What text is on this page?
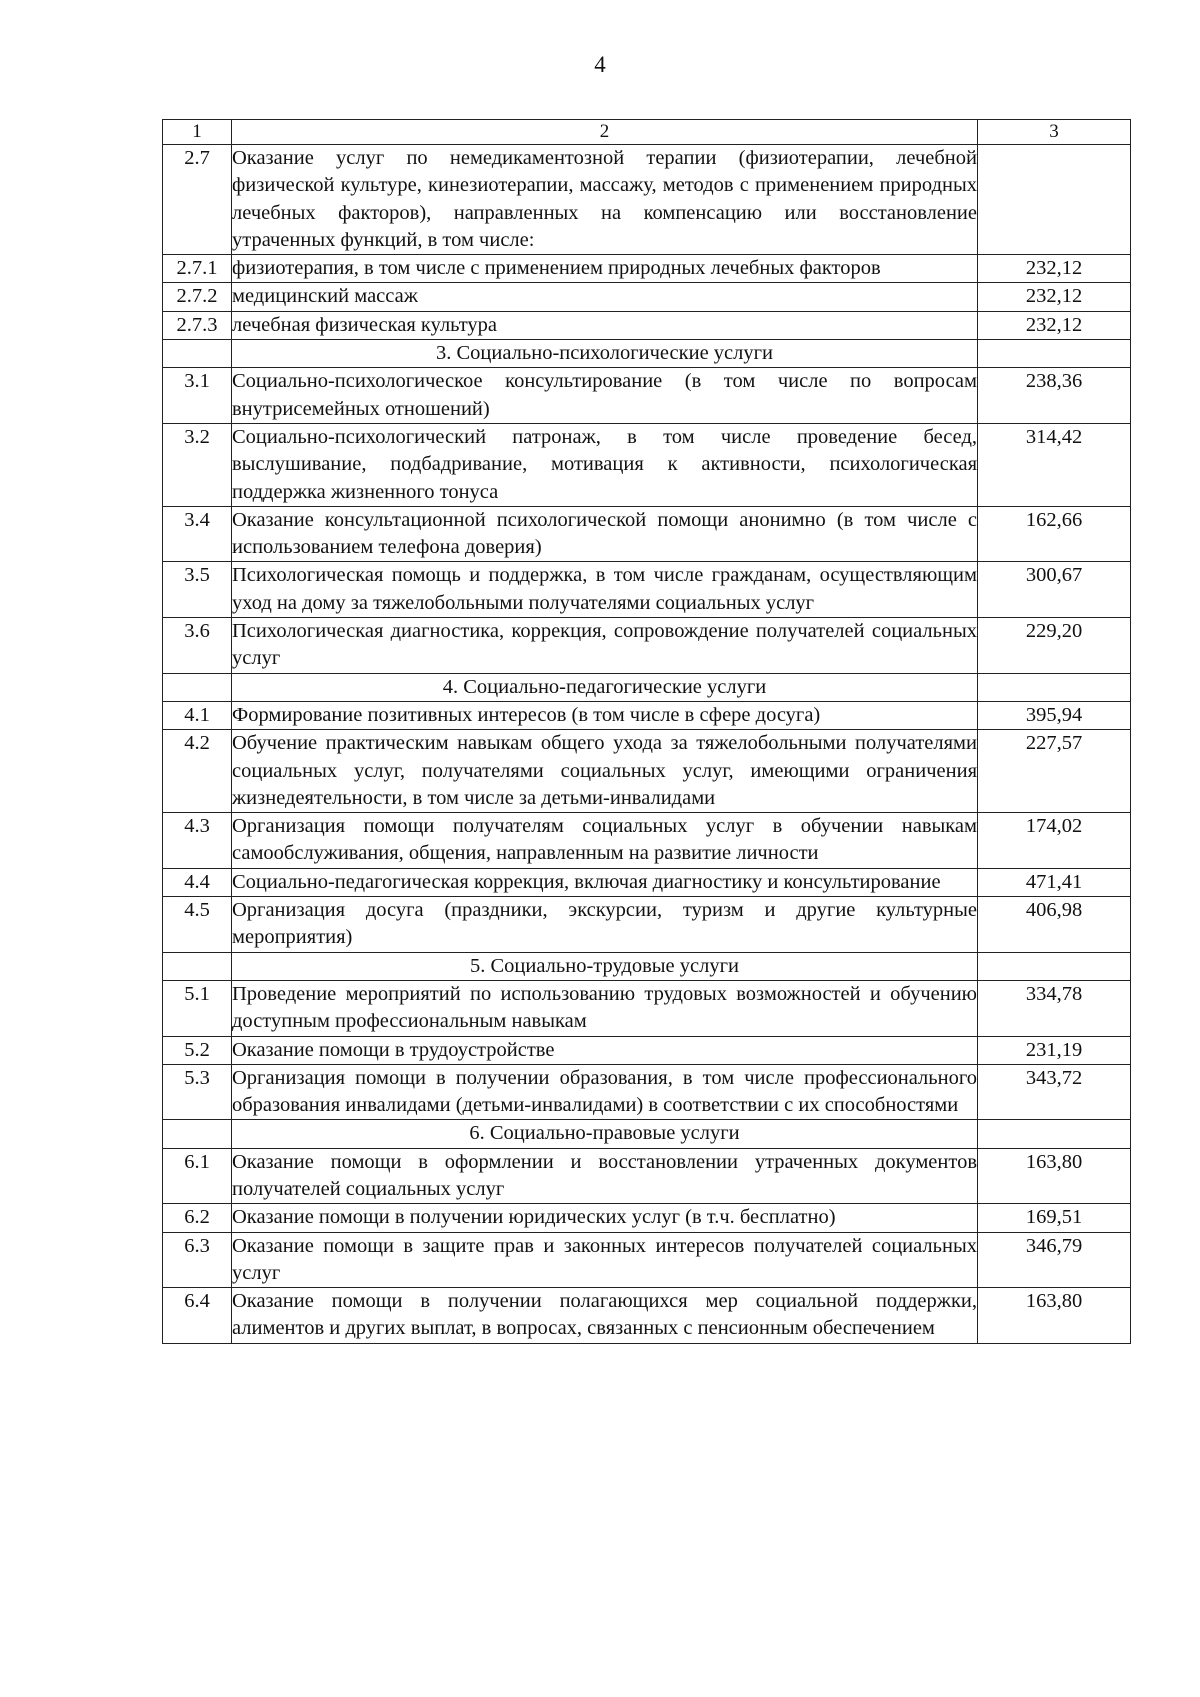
4
1	2	3
2.7	Оказание услуг по немедикаментозной терапии (физиотерапии, лечебной физической культуре, кинезиотерапии, массажу, методов с применением природных лечебных факторов), направленных на компенсацию или восстановление утраченных функций, в том числе:	
2.7.1	физиотерапия, в том числе с применением природных лечебных факторов	232,12
2.7.2	медицинский массаж	232,12
2.7.3	лечебная физическая культура	232,12
	3. Социально-психологические услуги	
3.1	Социально-психологическое консультирование (в том числе по вопросам внутрисемейных отношений)	238,36
3.2	Социально-психологический патронаж, в том числе проведение бесед, выслушивание, подбадривание, мотивация к активности, психологическая поддержка жизненного тонуса	314,42
3.4	Оказание консультационной психологической помощи анонимно (в том числе с использованием телефона доверия)	162,66
3.5	Психологическая помощь и поддержка, в том числе гражданам, осуществляющим уход на дому за тяжелобольными получателями социальных услуг	300,67
3.6	Психологическая диагностика, коррекция, сопровождение получателей социальных услуг	229,20
	4. Социально-педагогические услуги	
4.1	Формирование позитивных интересов (в том числе в сфере досуга)	395,94
4.2	Обучение практическим навыкам общего ухода за тяжелобольными получателями социальных услуг, получателями социальных услуг, имеющими ограничения жизнедеятельности, в том числе за детьми-инвалидами	227,57
4.3	Организация помощи получателям социальных услуг в обучении навыкам самообслуживания, общения, направленным на развитие личности	174,02
4.4	Социально-педагогическая коррекция, включая диагностику и консультирование	471,41
4.5	Организация досуга (праздники, экскурсии, туризм и другие культурные мероприятия)	406,98
	5. Социально-трудовые услуги	
5.1	Проведение мероприятий по использованию трудовых возможностей и обучению доступным профессиональным навыкам	334,78
5.2	Оказание помощи в трудоустройстве	231,19
5.3	Организация помощи в получении образования, в том числе профессионального образования инвалидами (детьми-инвалидами) в соответствии с их способностями	343,72
	6. Социально-правовые услуги	
6.1	Оказание помощи в оформлении и восстановлении утраченных документов получателей социальных услуг	163,80
6.2	Оказание помощи в получении юридических услуг (в т.ч. бесплатно)	169,51
6.3	Оказание помощи в защите прав и законных интересов получателей социальных услуг	346,79
6.4	Оказание помощи в получении полагающихся мер социальной поддержки, алиментов и других выплат, в вопросах, связанных с пенсионным обеспечением	163,80
